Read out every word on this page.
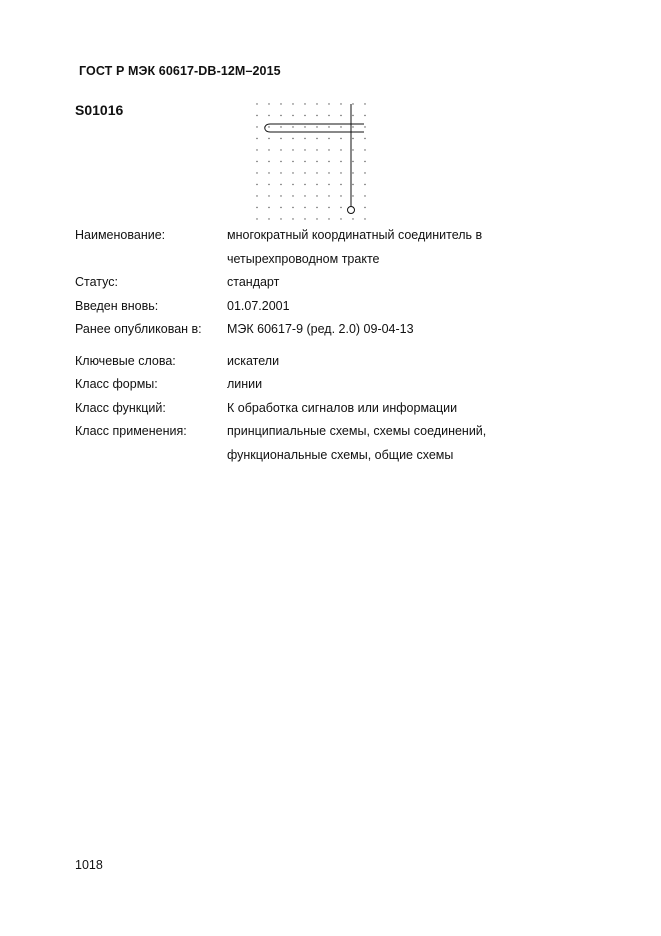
ГОСТ Р МЭК 60617-DB-12M–2015
S01016
Наименование:	многократный координатный соединитель в
четырехпроводном тракте
Статус:	стандарт
Введен вновь:	01.07.2001
Ранее опубликован в:	МЭК 60617-9 (ред. 2.0) 09-04-13
Ключевые слова:	искатели
Класс формы:	линии
Класс функций:	К обработка сигналов или информации
Класс применения:	принципиальные схемы, схемы соединений,
функциональные схемы, общие схемы
1018
